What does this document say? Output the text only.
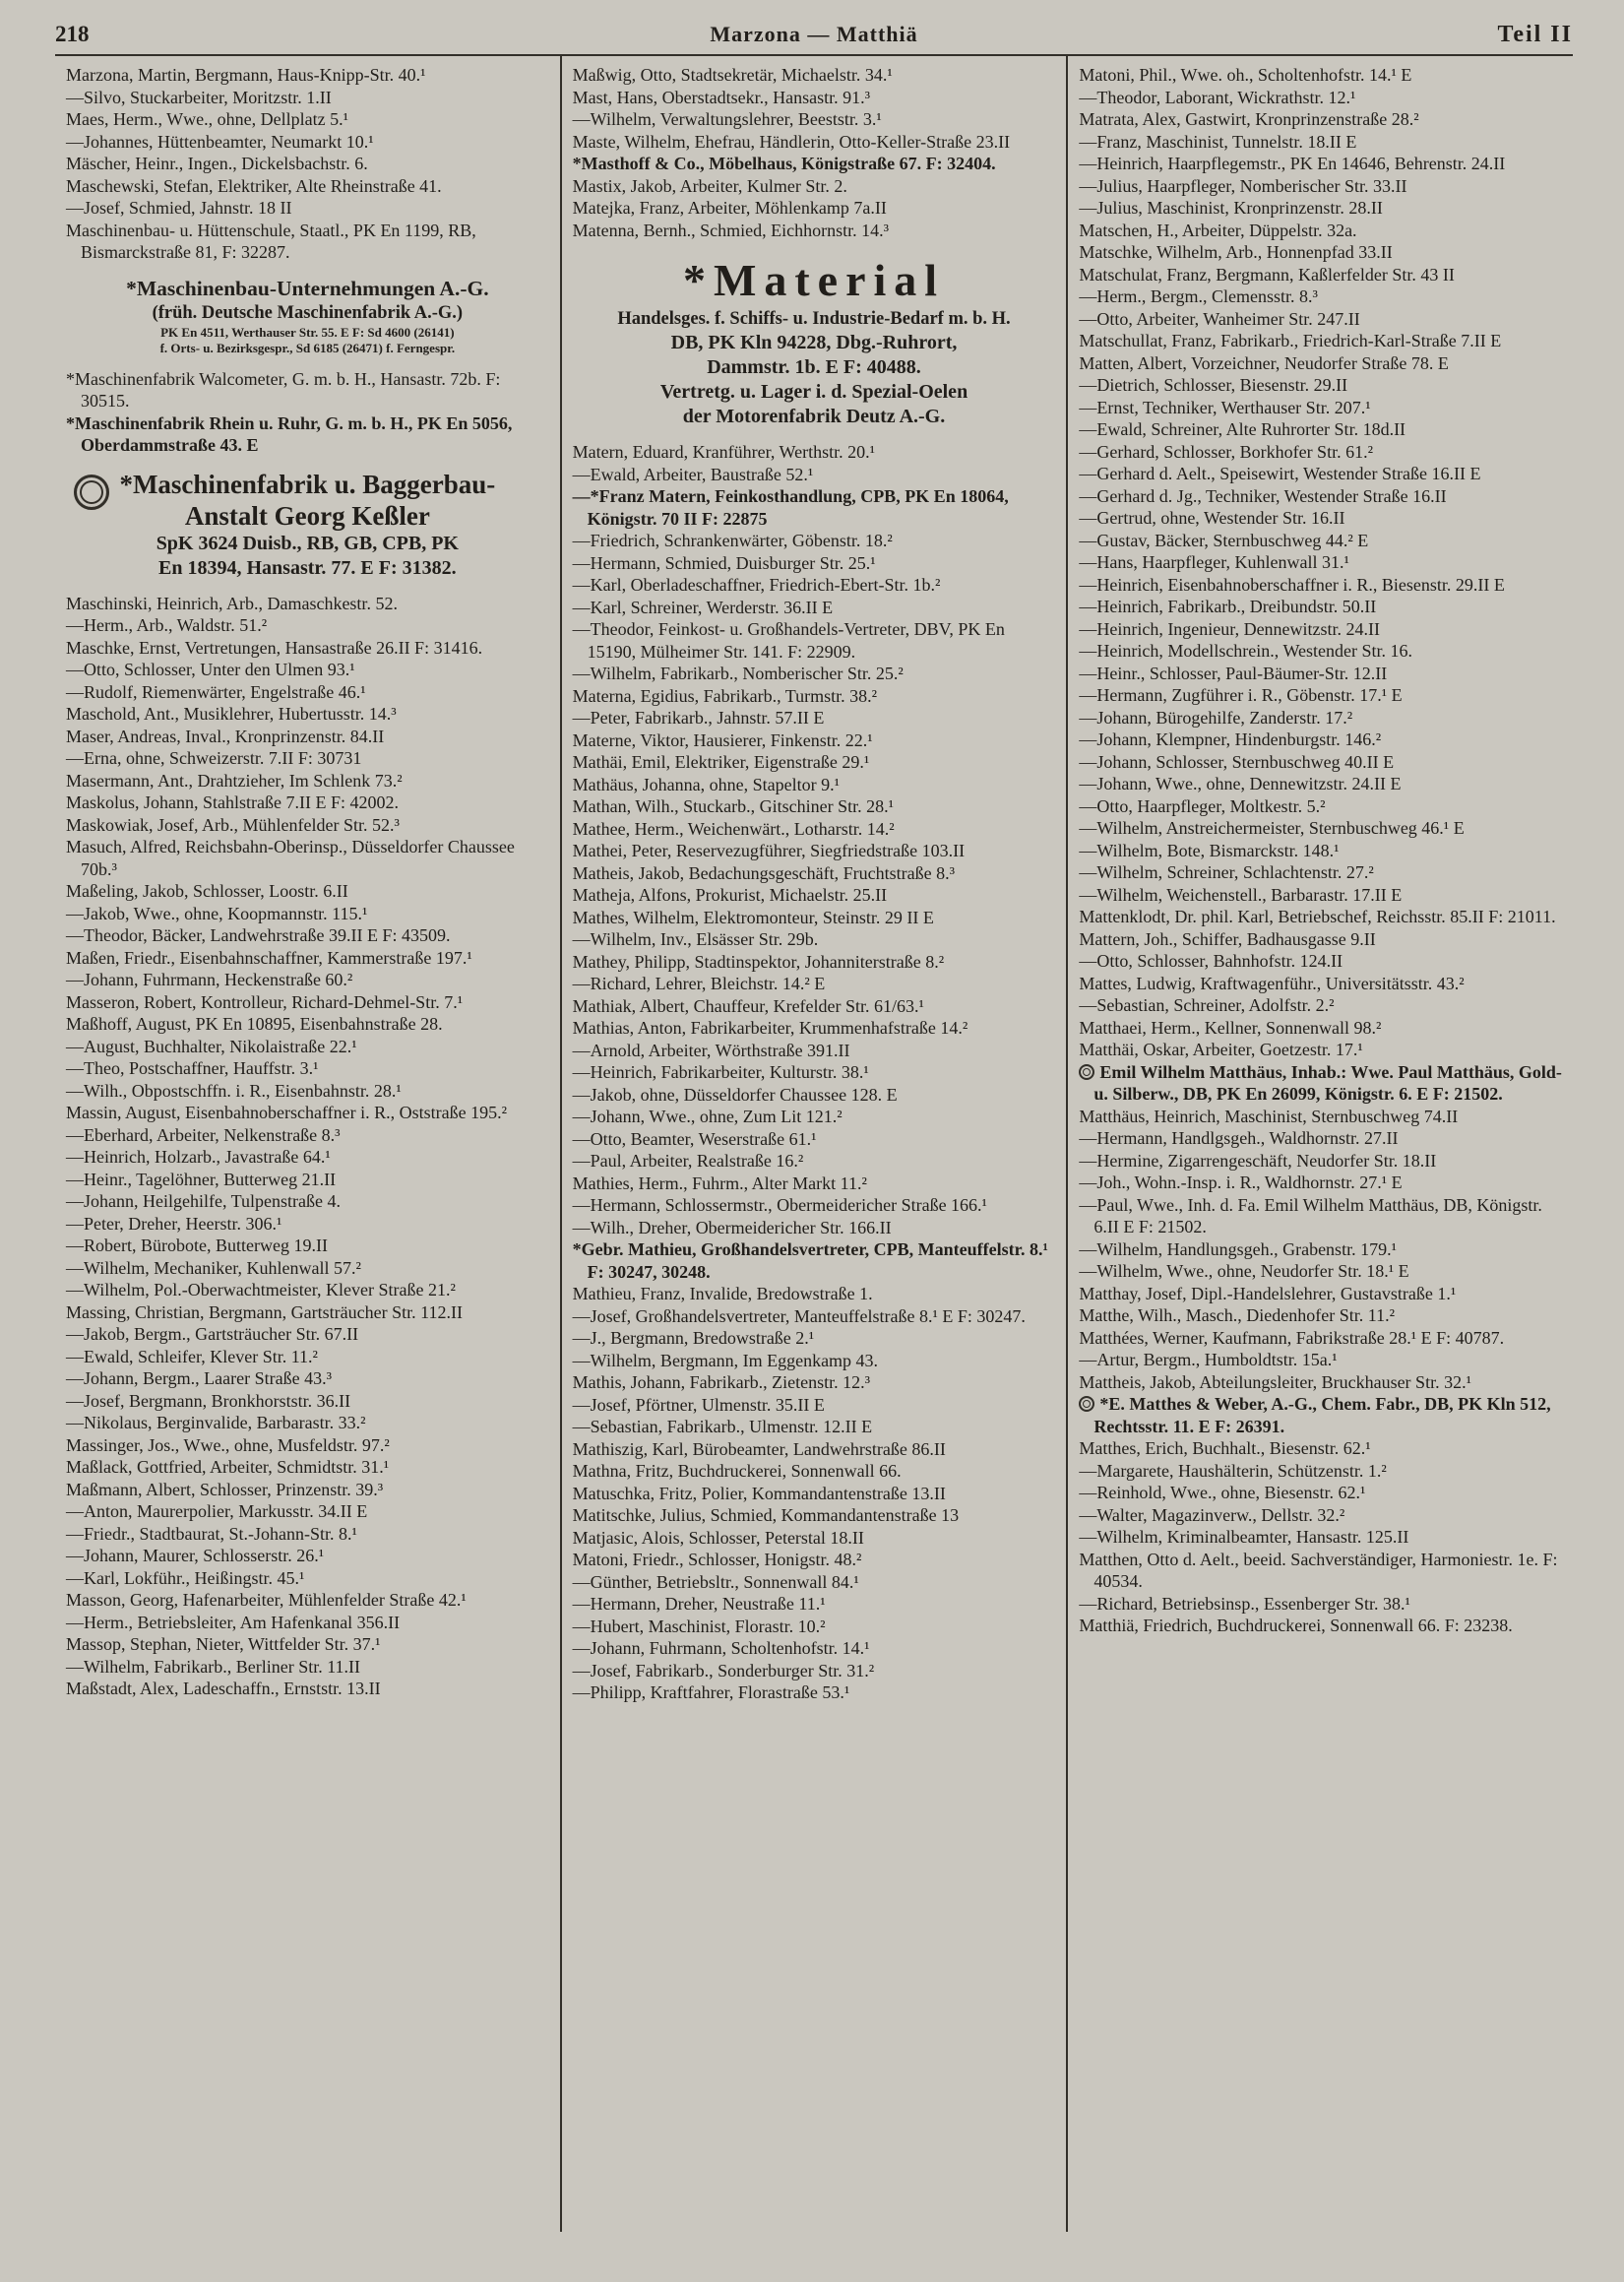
218	Marzona — Matthiä	Teil II

Marzona, Martin, Bergmann, Haus-Knipp-Str. 40.¹

—Silvo, Stuckarbeiter, Moritzstr. 1.II

Maes, Herm., Wwe., ohne, Dellplatz 5.¹

—Johannes, Hüttenbeamter, Neumarkt 10.¹

Mäscher, Heinr., Ingen., Dickelsbachstr. 6.

Maschewski, Stefan, Elektriker, Alte Rheinstraße 41.

—Josef, Schmied, Jahnstr. 18 II

Maschinenbau- u. Hüttenschule, Staatl., PK En 1199, RB, Bismarckstraße 81, F: 32287.

*Maschinenbau-Unternehmungen A.-G.
(früh. Deutsche Maschinenfabrik A.-G.)
PK En 4511, Werthauser Str. 55. E F: Sd 4600 (26141)
f. Orts- u. Bezirksgespr., Sd 6185 (26471) f. Ferngespr.

*Maschinenfabrik Walcometer, G. m. b. H., Hansastr. 72b. F: 30515.

*Maschinenfabrik Rhein u. Ruhr, G. m. b. H., PK En 5056, Oberdammstraße 43. E

*Maschinenfabrik u. Baggerbau-
Anstalt Georg Keßler
SpK 3624 Duisb., RB, GB, CPB, PK
En 18394, Hansastr. 77. E F: 31382.

Maschinski, Heinrich, Arb., Damaschkestr. 52.

—Herm., Arb., Waldstr. 51.²

Maschke, Ernst, Vertretungen, Hansastraße 26.II F: 31416.

—Otto, Schlosser, Unter den Ulmen 93.¹

—Rudolf, Riemenwärter, Engelstraße 46.¹

Maschold, Ant., Musiklehrer, Hubertusstr. 14.³

Maser, Andreas, Inval., Kronprinzenstr. 84.II

—Erna, ohne, Schweizerstr. 7.II F: 30731

Masermann, Ant., Drahtzieher, Im Schlenk 73.²

Maskolus, Johann, Stahlstraße 7.II E F: 42002.

Maskowiak, Josef, Arb., Mühlenfelder Str. 52.³

Masuch, Alfred, Reichsbahn-Oberinsp., Düsseldorfer Chaussee 70b.³

Maßeling, Jakob, Schlosser, Loostr. 6.II

—Jakob, Wwe., ohne, Koopmannstr. 115.¹

—Theodor, Bäcker, Landwehrstraße 39.II E F: 43509.

Maßen, Friedr., Eisenbahnschaffner, Kammerstraße 197.¹

—Johann, Fuhrmann, Heckenstraße 60.²

Masseron, Robert, Kontrolleur, Richard-Dehmel-Str. 7.¹

Maßhoff, August, PK En 10895, Eisenbahnstraße 28.

—August, Buchhalter, Nikolaistraße 22.¹

—Theo, Postschaffner, Hauffstr. 3.¹

—Wilh., Obpostschffn. i. R., Eisenbahnstr. 28.¹

Massin, August, Eisenbahnoberschaffner i. R., Oststraße 195.²

—Eberhard, Arbeiter, Nelkenstraße 8.³

—Heinrich, Holzarb., Javastraße 64.¹

—Heinr., Tagelöhner, Butterweg 21.II

—Johann, Heilgehilfe, Tulpenstraße 4.

—Peter, Dreher, Heerstr. 306.¹

—Robert, Bürobote, Butterweg 19.II

—Wilhelm, Mechaniker, Kuhlenwall 57.²

—Wilhelm, Pol.-Oberwachtmeister, Klever Straße 21.²

Massing, Christian, Bergmann, Gartsträucher Str. 112.II

—Jakob, Bergm., Gartsträucher Str. 67.II

—Ewald, Schleifer, Klever Str. 11.²

—Johann, Bergm., Laarer Straße 43.³

—Josef, Bergmann, Bronkhorststr. 36.II

—Nikolaus, Berginvalide, Barbarastr. 33.²

Massinger, Jos., Wwe., ohne, Musfeldstr. 97.²

Maßlack, Gottfried, Arbeiter, Schmidtstr. 31.¹

Maßmann, Albert, Schlosser, Prinzenstr. 39.³

—Anton, Maurerpolier, Markusstr. 34.II E

—Friedr., Stadtbaurat, St.-Johann-Str. 8.¹

—Johann, Maurer, Schlosserstr. 26.¹

—Karl, Lokführ., Heißingstr. 45.¹

Masson, Georg, Hafenarbeiter, Mühlenfelder Straße 42.¹

—Herm., Betriebsleiter, Am Hafenkanal 356.II

Massop, Stephan, Nieter, Wittfelder Str. 37.¹

—Wilhelm, Fabrikarb., Berliner Str. 11.II

Maßstadt, Alex, Ladeschaffn., Ernststr. 13.II

Maßwig, Otto, Stadtsekretär, Michaelstr. 34.¹

Mast, Hans, Oberstadtsekr., Hansastr. 91.³

—Wilhelm, Verwaltungslehrer, Beeststr. 3.¹

Maste, Wilhelm, Ehefrau, Händlerin, Otto-Keller-Straße 23.II

*Masthoff & Co., Möbelhaus, Königstraße 67. F: 32404.

Mastix, Jakob, Arbeiter, Kulmer Str. 2.

Matejka, Franz, Arbeiter, Möhlenkamp 7a.II

Matenna, Bernh., Schmied, Eichhornstr. 14.³

*Material
Handelsges. f. Schiffs- u. Industrie-Bedarf m. b. H.
DB, PK Kln 94228, Dbg.-Ruhrort,
Dammstr. 1b. E F: 40488.
Vertretg. u. Lager i. d. Spezial-Oelen
der Motorenfabrik Deutz A.-G.

Matern, Eduard, Kranführer, Werthstr. 20.¹

—Ewald, Arbeiter, Baustraße 52.¹

—*Franz Matern, Feinkosthandlung, CPB, PK En 18064, Königstr. 70 II F: 22875

—Friedrich, Schrankenwärter, Göbenstr. 18.²

—Hermann, Schmied, Duisburger Str. 25.¹

—Karl, Oberladeschaffner, Friedrich-Ebert-Str. 1b.²

—Karl, Schreiner, Werderstr. 36.II E

—Theodor, Feinkost- u. Großhandels-Vertreter, DBV, PK En 15190, Mülheimer Str. 141. F: 22909.

—Wilhelm, Fabrikarb., Nomberischer Str. 25.²

Materna, Egidius, Fabrikarb., Turmstr. 38.²

—Peter, Fabrikarb., Jahnstr. 57.II E

Materne, Viktor, Hausierer, Finkenstr. 22.¹

Mathäi, Emil, Elektriker, Eigenstraße 29.¹

Mathäus, Johanna, ohne, Stapeltor 9.¹

Mathan, Wilh., Stuckarb., Gitschiner Str. 28.¹

Mathee, Herm., Weichenwärt., Lotharstr. 14.²

Mathei, Peter, Reservezugführer, Siegfriedstraße 103.II

Matheis, Jakob, Bedachungsgeschäft, Fruchtstraße 8.³

Matheja, Alfons, Prokurist, Michaelstr. 25.II

Mathes, Wilhelm, Elektromonteur, Steinstr. 29 II E

—Wilhelm, Inv., Elsässer Str. 29b.

Mathey, Philipp, Stadtinspektor, Johanniterstraße 8.²

—Richard, Lehrer, Bleichstr. 14.² E

Mathiak, Albert, Chauffeur, Krefelder Str. 61/63.¹

Mathias, Anton, Fabrikarbeiter, Krummenhafstraße 14.²

—Arnold, Arbeiter, Wörthstraße 391.II

—Heinrich, Fabrikarbeiter, Kulturstr. 38.¹

—Jakob, ohne, Düsseldorfer Chaussee 128. E

—Johann, Wwe., ohne, Zum Lit 121.²

—Otto, Beamter, Weserstraße 61.¹

—Paul, Arbeiter, Realstraße 16.²

Mathies, Herm., Fuhrm., Alter Markt 11.²

—Hermann, Schlossermstr., Obermeidericher Straße 166.¹

—Wilh., Dreher, Obermeidericher Str. 166.II

*Gebr. Mathieu, Großhandelsvertreter, CPB, Manteuffelstr. 8.¹ F: 30247, 30248.

Mathieu, Franz, Invalide, Bredowstraße 1.

—Josef, Großhandelsvertreter, Manteuffelstraße 8.¹ E F: 30247.

—J., Bergmann, Bredowstraße 2.¹

—Wilhelm, Bergmann, Im Eggenkamp 43.

Mathis, Johann, Fabrikarb., Zietenstr. 12.³

—Josef, Pförtner, Ulmenstr. 35.II E

—Sebastian, Fabrikarb., Ulmenstr. 12.II E

Mathiszig, Karl, Bürobeamter, Landwehrstraße 86.II

Mathna, Fritz, Buchdruckerei, Sonnenwall 66.

Matuschka, Fritz, Polier, Kommandantenstraße 13.II

Matitschke, Julius, Schmied, Kommandantenstraße 13

Matjasic, Alois, Schlosser, Peterstal 18.II

Matoni, Friedr., Schlosser, Honigstr. 48.²

—Günther, Betriebsltr., Sonnenwall 84.¹

—Hermann, Dreher, Neustraße 11.¹

—Hubert, Maschinist, Florastr. 10.²

—Johann, Fuhrmann, Scholtenhofstr. 14.¹

—Josef, Fabrikarb., Sonderburger Str. 31.²

—Philipp, Kraftfahrer, Florastraße 53.¹

Matoni, Phil., Wwe. oh., Scholtenhofstr. 14.¹ E

—Theodor, Laborant, Wickrathstr. 12.¹

Matrata, Alex, Gastwirt, Kronprinzenstraße 28.²

—Franz, Maschinist, Tunnelstr. 18.II E

—Heinrich, Haarpflegemstr., PK En 14646, Behrenstr. 24.II

—Julius, Haarpfleger, Nomberischer Str. 33.II

—Julius, Maschinist, Kronprinzenstr. 28.II

Matschen, H., Arbeiter, Düppelstr. 32a.

Matschke, Wilhelm, Arb., Honnenpfad 33.II

Matschulat, Franz, Bergmann, Kaßlerfelder Str. 43 II

—Herm., Bergm., Clemensstr. 8.³

—Otto, Arbeiter, Wanheimer Str. 247.II

Matschullat, Franz, Fabrikarb., Friedrich-Karl-Straße 7.II E

Matten, Albert, Vorzeichner, Neudorfer Straße 78. E

—Dietrich, Schlosser, Biesenstr. 29.II

—Ernst, Techniker, Werthauser Str. 207.¹

—Ewald, Schreiner, Alte Ruhrorter Str. 18d.II

—Gerhard, Schlosser, Borkhofer Str. 61.²

—Gerhard d. Aelt., Speisewirt, Westender Straße 16.II E

—Gerhard d. Jg., Techniker, Westender Straße 16.II

—Gertrud, ohne, Westender Str. 16.II

—Gustav, Bäcker, Sternbuschweg 44.² E

—Hans, Haarpfleger, Kuhlenwall 31.¹

—Heinrich, Eisenbahnoberschaffner i. R., Biesenstr. 29.II E

—Heinrich, Fabrikarb., Dreibundstr. 50.II

—Heinrich, Ingenieur, Dennewitzstr. 24.II

—Heinrich, Modellschrein., Westender Str. 16.

—Heinr., Schlosser, Paul-Bäumer-Str. 12.II

—Hermann, Zugführer i. R., Göbenstr. 17.¹ E

—Johann, Bürogehilfe, Zanderstr. 17.²

—Johann, Klempner, Hindenburgstr. 146.²

—Johann, Schlosser, Sternbuschweg 40.II E

—Johann, Wwe., ohne, Dennewitzstr. 24.II E

—Otto, Haarpfleger, Moltkestr. 5.²

—Wilhelm, Anstreichermeister, Sternbuschweg 46.¹ E

—Wilhelm, Bote, Bismarckstr. 148.¹

—Wilhelm, Schreiner, Schlachtenstr. 27.²

—Wilhelm, Weichenstell., Barbarastr. 17.II E

Mattenklodt, Dr. phil. Karl, Betriebschef, Reichsstr. 85.II F: 21011.

Mattern, Joh., Schiffer, Badhausgasse 9.II

—Otto, Schlosser, Bahnhofstr. 124.II

Mattes, Ludwig, Kraftwagenführ., Universitätsstr. 43.²

—Sebastian, Schreiner, Adolfstr. 2.²

Matthaei, Herm., Kellner, Sonnenwall 98.²

Matthäi, Oskar, Arbeiter, Goetzestr. 17.¹

Emil Wilhelm Matthäus, Inhab.: Wwe. Paul Matthäus, Gold- u. Silberw., DB, PK En 26099, Königstr. 6. E F: 21502.

Matthäus, Heinrich, Maschinist, Sternbuschweg 74.II

—Hermann, Handlgsgeh., Waldhornstr. 27.II

—Hermine, Zigarrengeschäft, Neudorfer Str. 18.II

—Joh., Wohn.-Insp. i. R., Waldhornstr. 27.¹ E

—Paul, Wwe., Inh. d. Fa. Emil Wilhelm Matthäus, DB, Königstr. 6.II E F: 21502.

—Wilhelm, Handlungsgeh., Grabenstr. 179.¹

—Wilhelm, Wwe., ohne, Neudorfer Str. 18.¹ E

Matthay, Josef, Dipl.-Handelslehrer, Gustavstraße 1.¹

Matthe, Wilh., Masch., Diedenhofer Str. 11.²

Matthées, Werner, Kaufmann, Fabrikstraße 28.¹ E F: 40787.

—Artur, Bergm., Humboldtstr. 15a.¹

Mattheis, Jakob, Abteilungsleiter, Bruckhauser Str. 32.¹

*E. Matthes & Weber, A.-G., Chem. Fabr., DB, PK Kln 512, Rechtsstr. 11. E F: 26391.

Matthes, Erich, Buchhalt., Biesenstr. 62.¹

—Margarete, Haushälterin, Schützenstr. 1.²

—Reinhold, Wwe., ohne, Biesenstr. 62.¹

—Walter, Magazinverw., Dellstr. 32.²

—Wilhelm, Kriminalbeamter, Hansastr. 125.II

Matthen, Otto d. Aelt., beeid. Sachverständiger, Harmoniestr. 1e. F: 40534.

—Richard, Betriebsinsp., Essenberger Str. 38.¹

Matthiä, Friedrich, Buchdruckerei, Sonnenwall 66. F: 23238.
